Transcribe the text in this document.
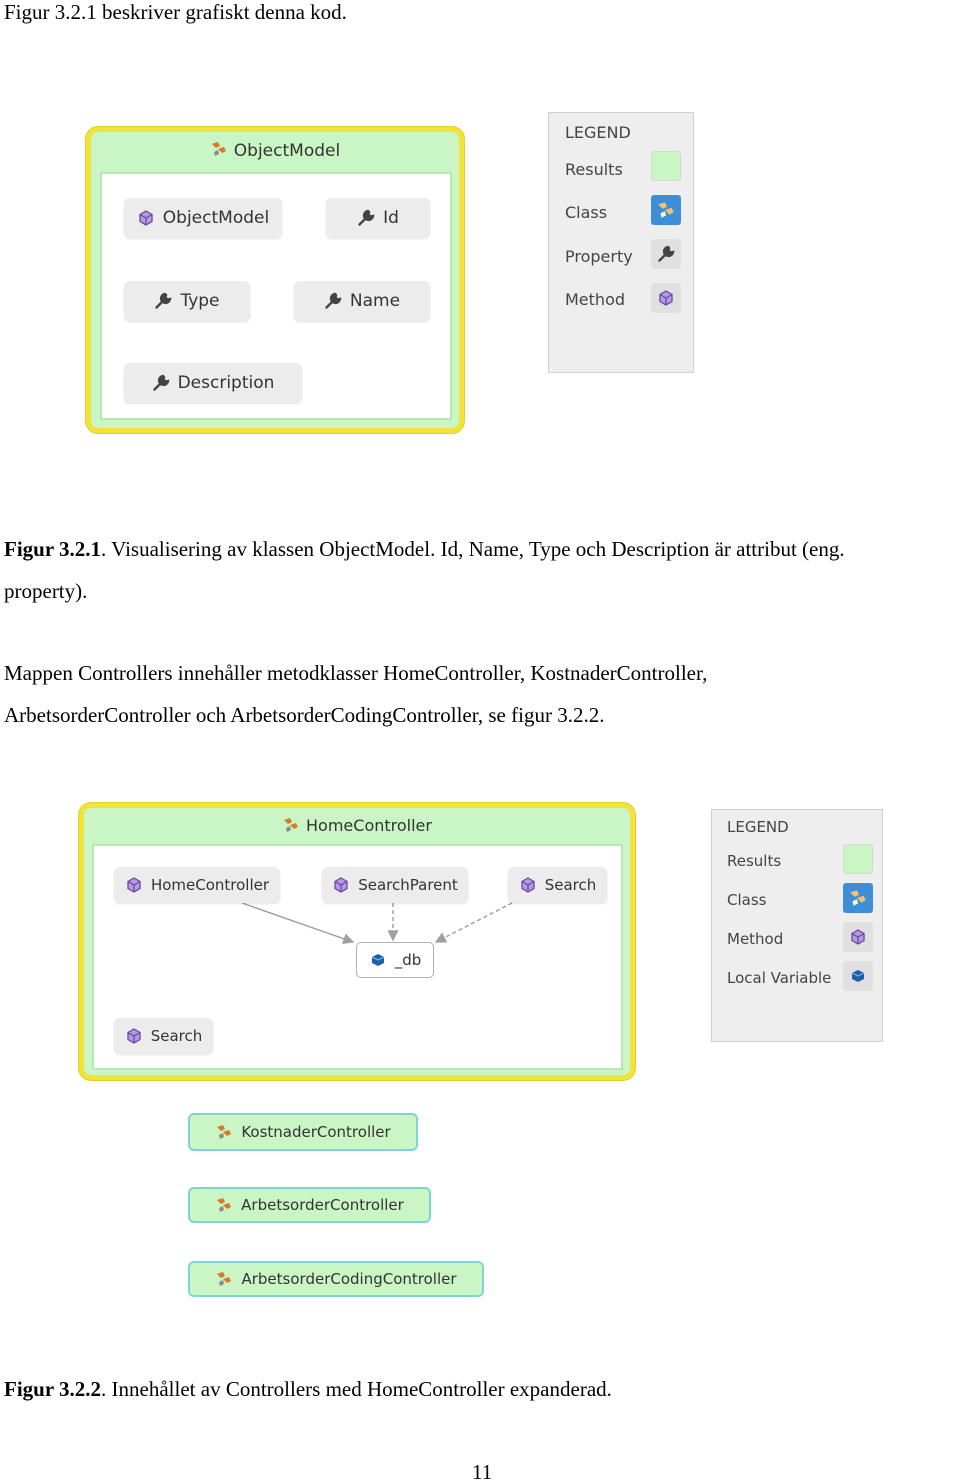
Figur 3.2.1 beskriver grafiskt denna kod.
Figur 3.2.1. Visualisering av klassen ObjectModel. Id, Name, Type och Description är attribut (eng.
property).
Mappen Controllers innehåller metodklasser HomeController, KostnaderController,
ArbetsorderController och ArbetsorderCodingController, se figur 3.2.2.
Figur 3.2.2. Innehållet av Controllers med HomeController expanderad.
11
ObjectModel
ObjectModel	Id
Type	Name
Description
LEGEND
Results
Class
Property
Method
HomeController
HomeController	SearchParent	Search
_db
Search
LEGEND
Results
Class
Method
Local Variable
KostnaderController
ArbetsorderController
ArbetsorderCodingController
